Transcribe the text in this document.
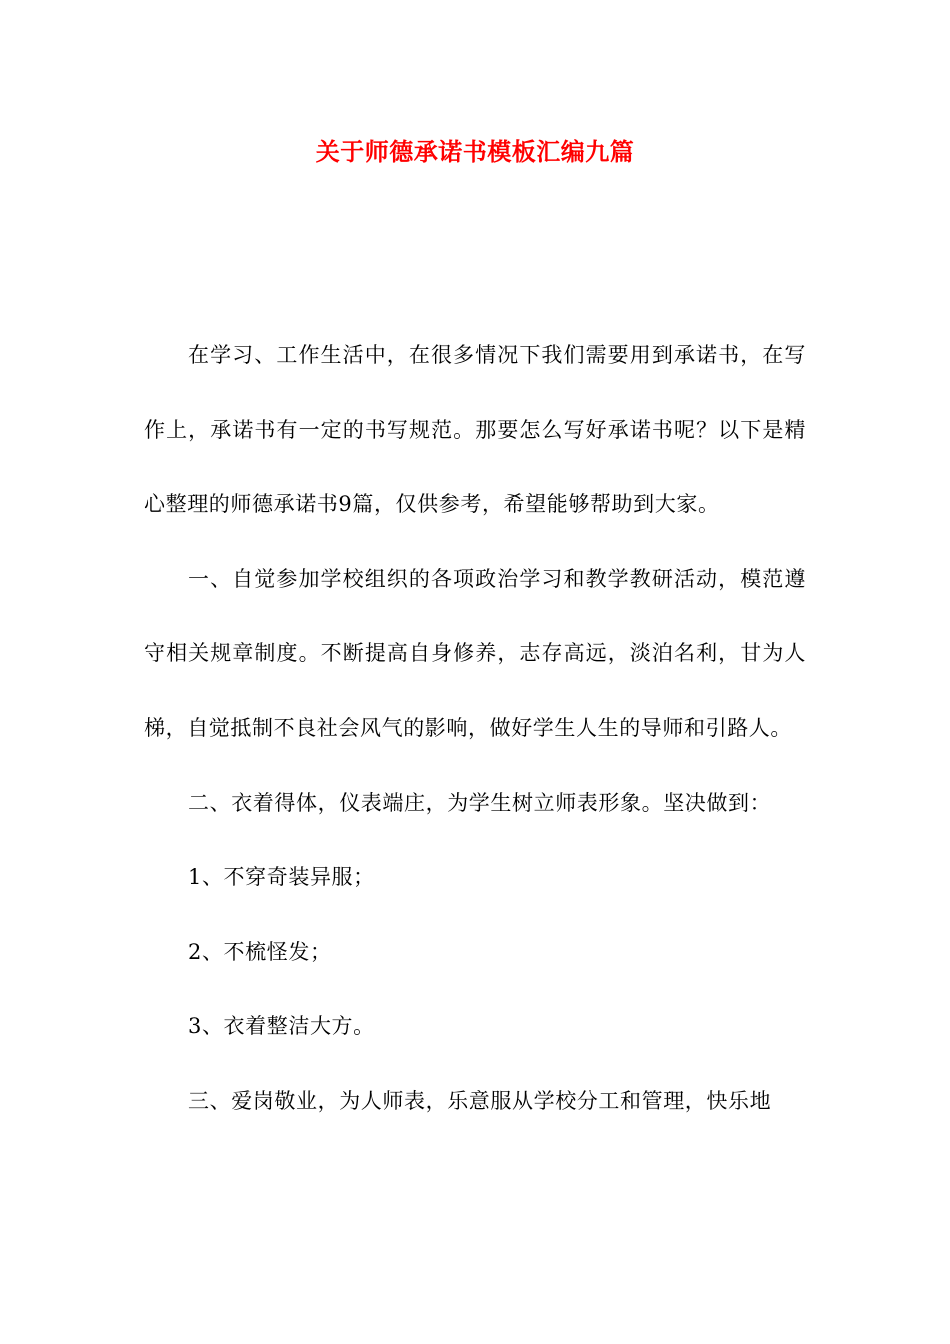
关于师德承诺书模板汇编九篇

在学习、工作生活中，在很多情况下我们需要用到承诺书，在写作上，承诺书有一定的书写规范。那要怎么写好承诺书呢？以下是精心整理的师德承诺书9篇，仅供参考，希望能够帮助到大家。

一、自觉参加学校组织的各项政治学习和教学教研活动，模范遵守相关规章制度。不断提高自身修养，志存高远，淡泊名利，甘为人梯，自觉抵制不良社会风气的影响，做好学生人生的导师和引路人。

二、衣着得体，仪表端庄，为学生树立师表形象。坚决做到：

1、不穿奇装异服；

2、不梳怪发；

3、衣着整洁大方。

三、爱岗敬业，为人师表，乐意服从学校分工和管理，快乐地
